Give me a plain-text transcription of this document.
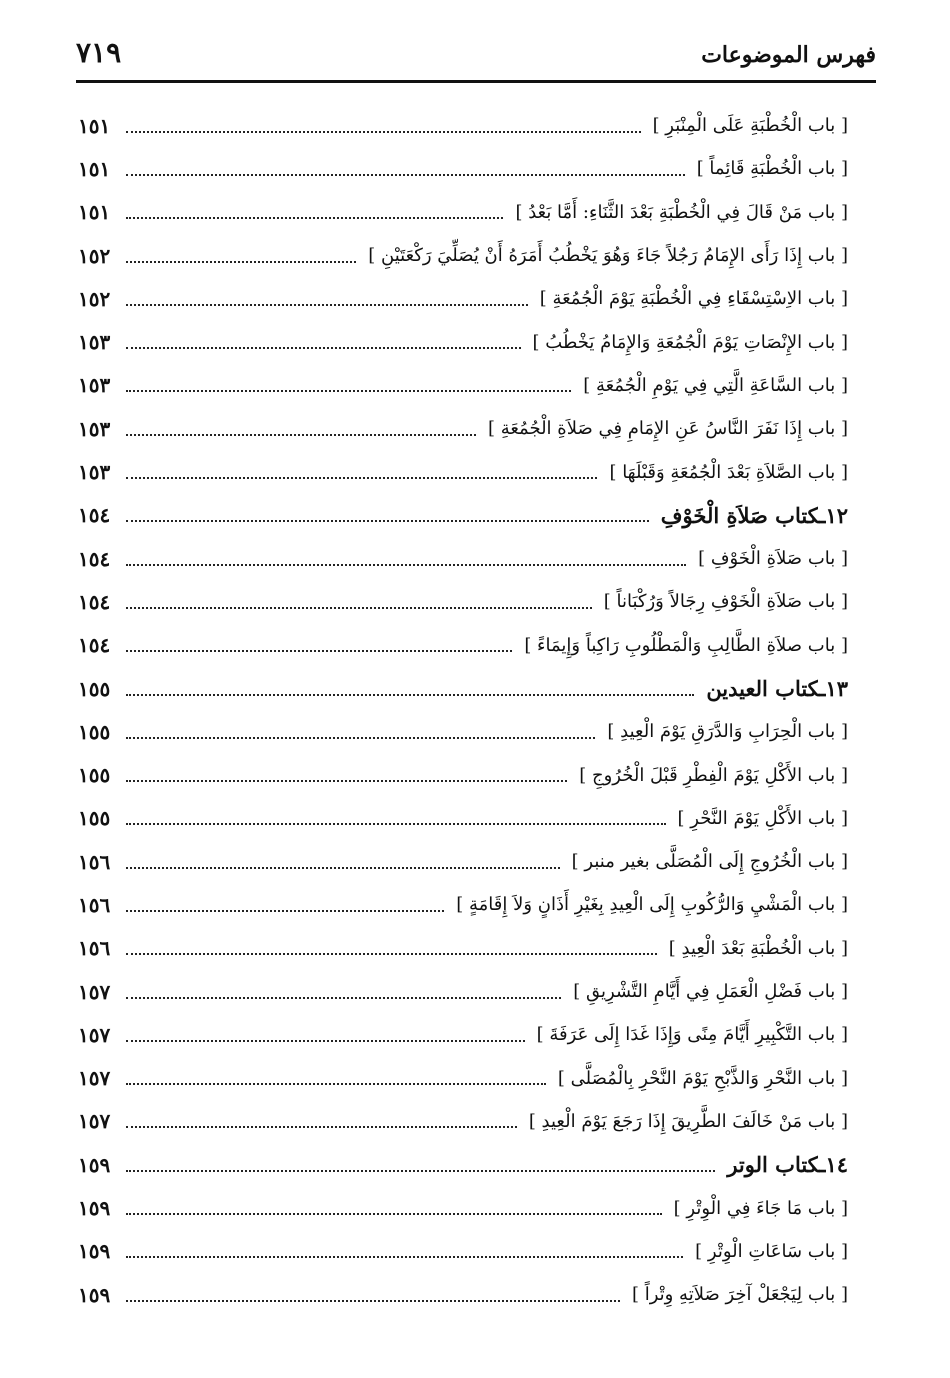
فهرس الموضوعات
٧١٩
[ باب الْخُطْبَةِ عَلَى الْمِنْبَرِ ]
١٥١
[ باب الْخُطْبَةِ قَائِماً ]
١٥١
[ باب مَنْ قَالَ فِي الْخُطْبَةِ بَعْدَ الثَّنَاءِ: أَمَّا بَعْدُ ]
١٥١
[ باب إِذَا رَأَى الإِمَامُ رَجُلاً جَاءَ وَهُوَ يَخْطُبُ أَمَرَهُ أَنْ يُصَلِّيَ رَكْعَتَيْنِ ]
١٥٢
[ باب الاِسْتِسْقَاءِ فِي الْخُطْبَةِ يَوْمَ الْجُمُعَةِ ]
١٥٢
[ باب الإِنْصَاتِ يَوْمَ الْجُمُعَةِ وَالإِمَامُ يَخْطُبُ ]
١٥٣
[ باب السَّاعَةِ الَّتِي فِي يَوْمِ الْجُمُعَةِ ]
١٥٣
[ باب إِذَا نَفَرَ النَّاسُ عَنِ الإِمَامِ فِي صَلاَةِ الْجُمُعَةِ ]
١٥٣
[ باب الصَّلاَةِ بَعْدَ الْجُمُعَةِ وَقَبْلَهَا ]
١٥٣
١٢ـكتاب صَلاَةِ الْخَوْفِ
١٥٤
[ باب صَلاَةِ الْخَوْفِ ]
١٥٤
[ باب صَلاَةِ الْخَوْفِ رِجَالاً وَرُكْبَاناً ]
١٥٤
[ باب صلاَةِ الطَّالِبِ وَالْمَطْلُوبِ رَاكِباً وَإِيمَاءً ]
١٥٤
١٣ـكتاب العيدين
١٥٥
[ باب الْحِرَابِ وَالدَّرَقِ يَوْمَ الْعِيدِ ]
١٥٥
[ باب الأَكْلِ يَوْمَ الْفِطْرِ قَبْلَ الْخُرُوجِ ]
١٥٥
[ باب الأَكْلِ يَوْمَ النَّحْرِ ]
١٥٥
[ باب الْخُرُوجِ إِلَى الْمُصَلَّى بغير منبر ]
١٥٦
[ باب الْمَشْيِ وَالرُّكُوبِ إِلَى الْعِيدِ بِغَيْرِ أَذَانٍ وَلاَ إِقَامَةٍ ]
١٥٦
[ باب الْخُطْبَةِ بَعْدَ الْعِيدِ ]
١٥٦
[ باب فَضْلِ الْعَمَلِ فِي أَيَّامِ التَّشْرِيقِ ]
١٥٧
[ باب التَّكْبِيرِ أَيَّامَ مِنًى وَإِذَا غَدَا إِلَى عَرَفَةَ ]
١٥٧
[ باب النَّحْرِ وَالذَّبْحِ يَوْمَ النَّحْرِ بِالْمُصَلَّى ]
١٥٧
[ باب مَنْ خَالَفَ الطَّرِيقَ إِذَا رَجَعَ يَوْمَ الْعِيدِ ]
١٥٧
١٤ـكتاب الوتر
١٥٩
[ باب مَا جَاءَ فِي الْوِتْرِ ]
١٥٩
[ باب سَاعَاتِ الْوِتْرِ ]
١٥٩
[ باب لِيَجْعَلْ آخِرَ صَلاَتِهِ وِتْراً ]
١٥٩
